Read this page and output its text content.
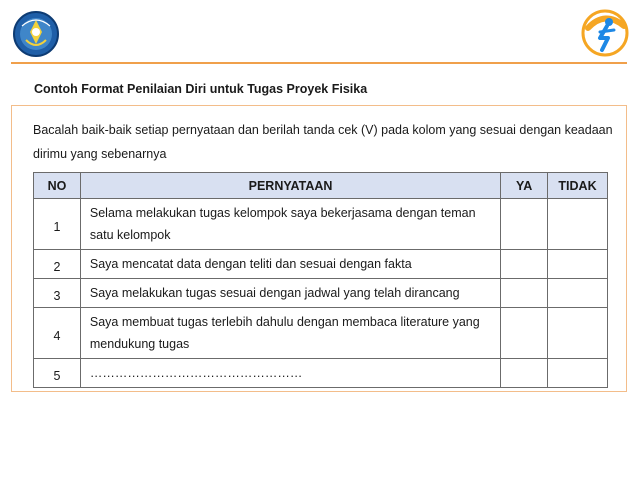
Contoh Format Penilaian Diri untuk Tugas Proyek Fisika
Bacalah baik-baik setiap pernyataan dan berilah tanda cek (V) pada kolom yang sesuai dengan keadaan dirimu yang sebenarnya
NO	PERNYATAAN	YA	TIDAK
1	Selama melakukan tugas kelompok saya bekerjasama dengan teman satu kelompok		
2	Saya mencatat data dengan teliti dan sesuai dengan fakta		
3	Saya melakukan tugas sesuai dengan jadwal yang telah dirancang		
4	Saya membuat tugas terlebih dahulu dengan membaca literature yang mendukung tugas		
5	……………………………………………		
